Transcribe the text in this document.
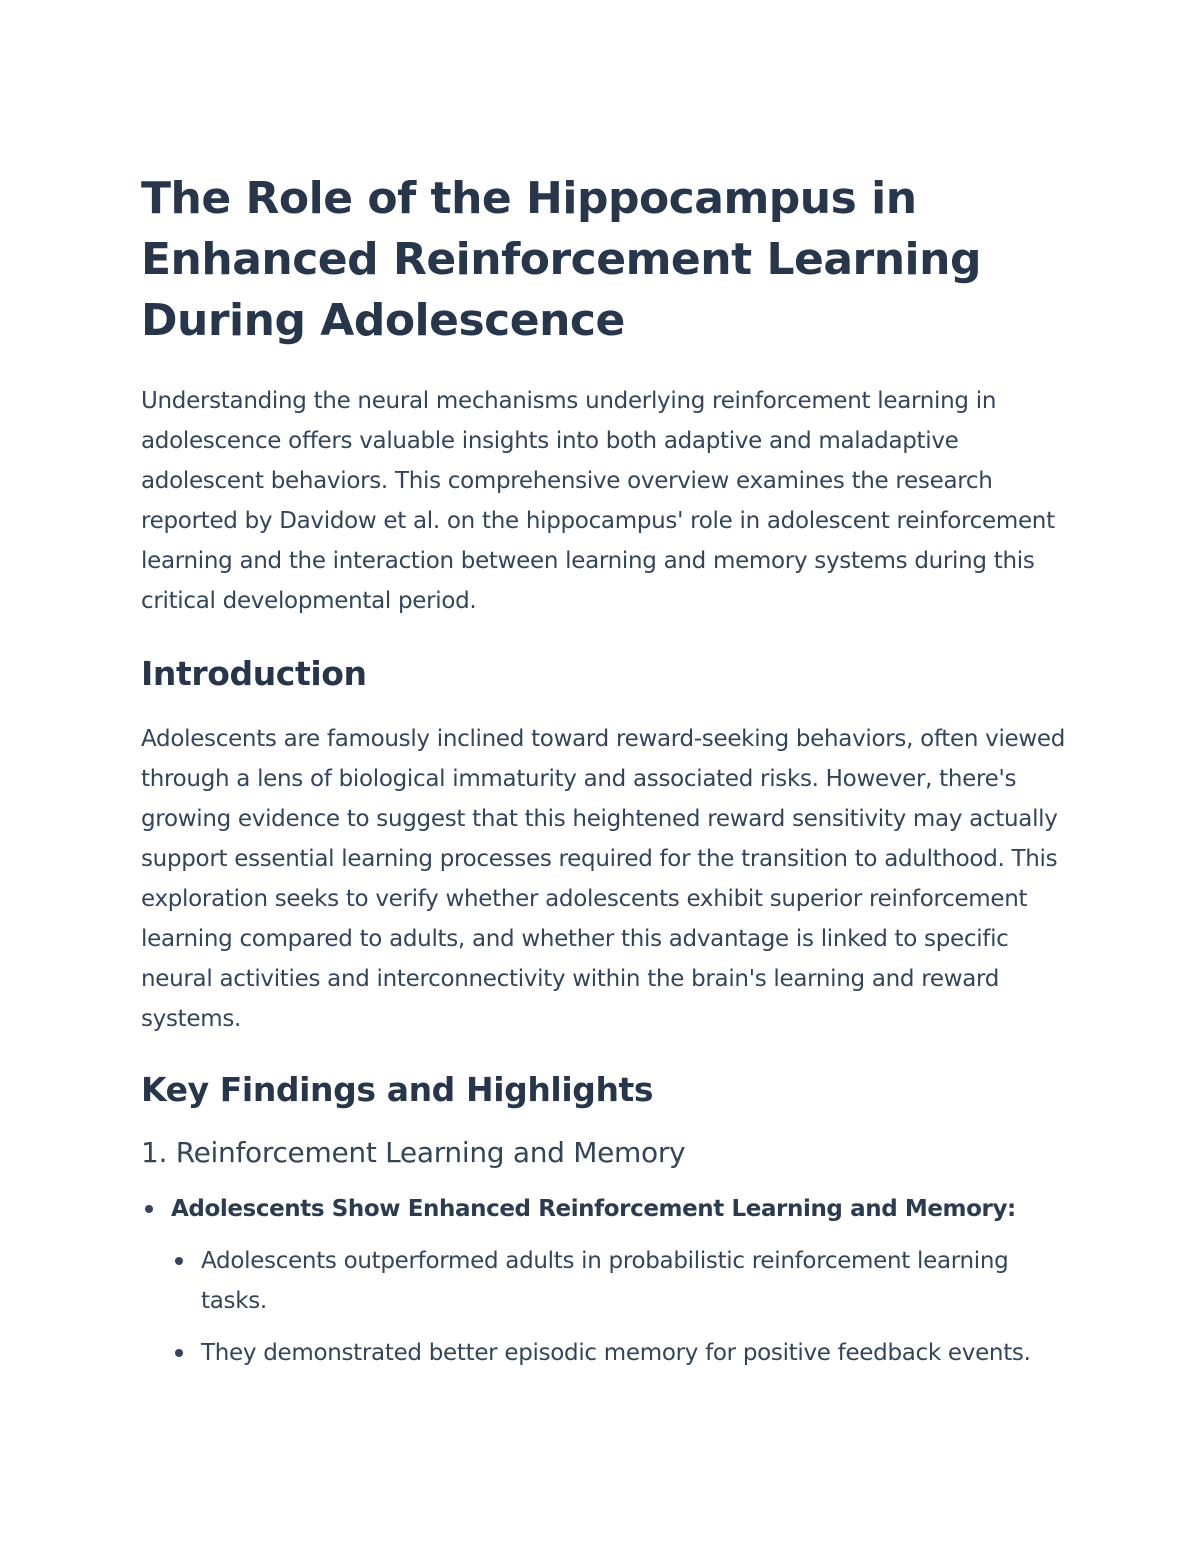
The Role of the Hippocampus in Enhanced Reinforcement Learning During Adolescence

Understanding the neural mechanisms underlying reinforcement learning in adolescence offers valuable insights into both adaptive and maladaptive adolescent behaviors. This comprehensive overview examines the research reported by Davidow et al. on the hippocampus' role in adolescent reinforcement learning and the interaction between learning and memory systems during this critical developmental period.

Introduction

Adolescents are famously inclined toward reward-seeking behaviors, often viewed through a lens of biological immaturity and associated risks. However, there's growing evidence to suggest that this heightened reward sensitivity may actually support essential learning processes required for the transition to adulthood. This exploration seeks to verify whether adolescents exhibit superior reinforcement learning compared to adults, and whether this advantage is linked to specific neural activities and interconnectivity within the brain's learning and reward systems.

Key Findings and Highlights
1. Reinforcement Learning and Memory
Adolescents Show Enhanced Reinforcement Learning and Memory:
Adolescents outperformed adults in probabilistic reinforcement learning tasks.
They demonstrated better episodic memory for positive feedback events.
